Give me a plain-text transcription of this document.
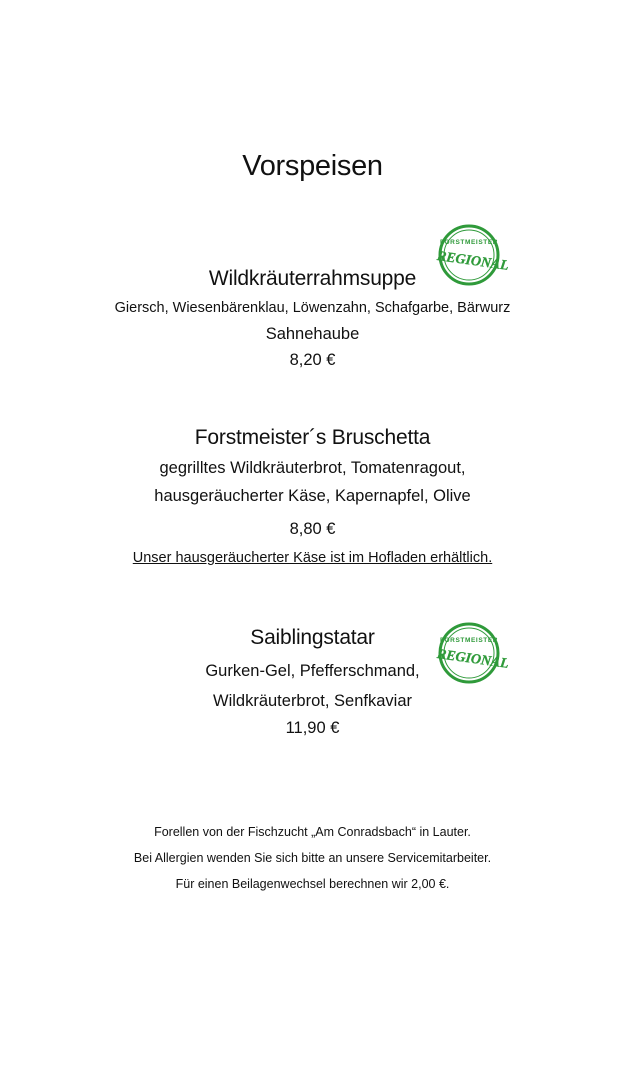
Vorspeisen
Wildkräuterrahmsuppe
Giersch, Wiesenbärenklau, Löwenzahn, Schafgarbe, Bärwurz
Sahnehaube
8,20 €
Forstmeister´s Bruschetta
gegrilltes Wildkräuterbrot, Tomatenragout,
hausgeräucherter Käse, Kapernapfel, Olive
8,80 €
Unser hausgeräucherter Käse ist im Hofladen erhältlich.
Saiblingstatar
Gurken-Gel, Pfefferschmand,
Wildkräuterbrot, Senfkaviar
11,90 €
FORSTMEISTER
REGIONAL
FORSTMEISTER
REGIONAL
Forellen von der Fischzucht „Am Conradsbach“ in Lauter.
Bei Allergien wenden Sie sich bitte an unsere Servicemitarbeiter.
Für einen Beilagenwechsel berechnen wir 2,00 €.
